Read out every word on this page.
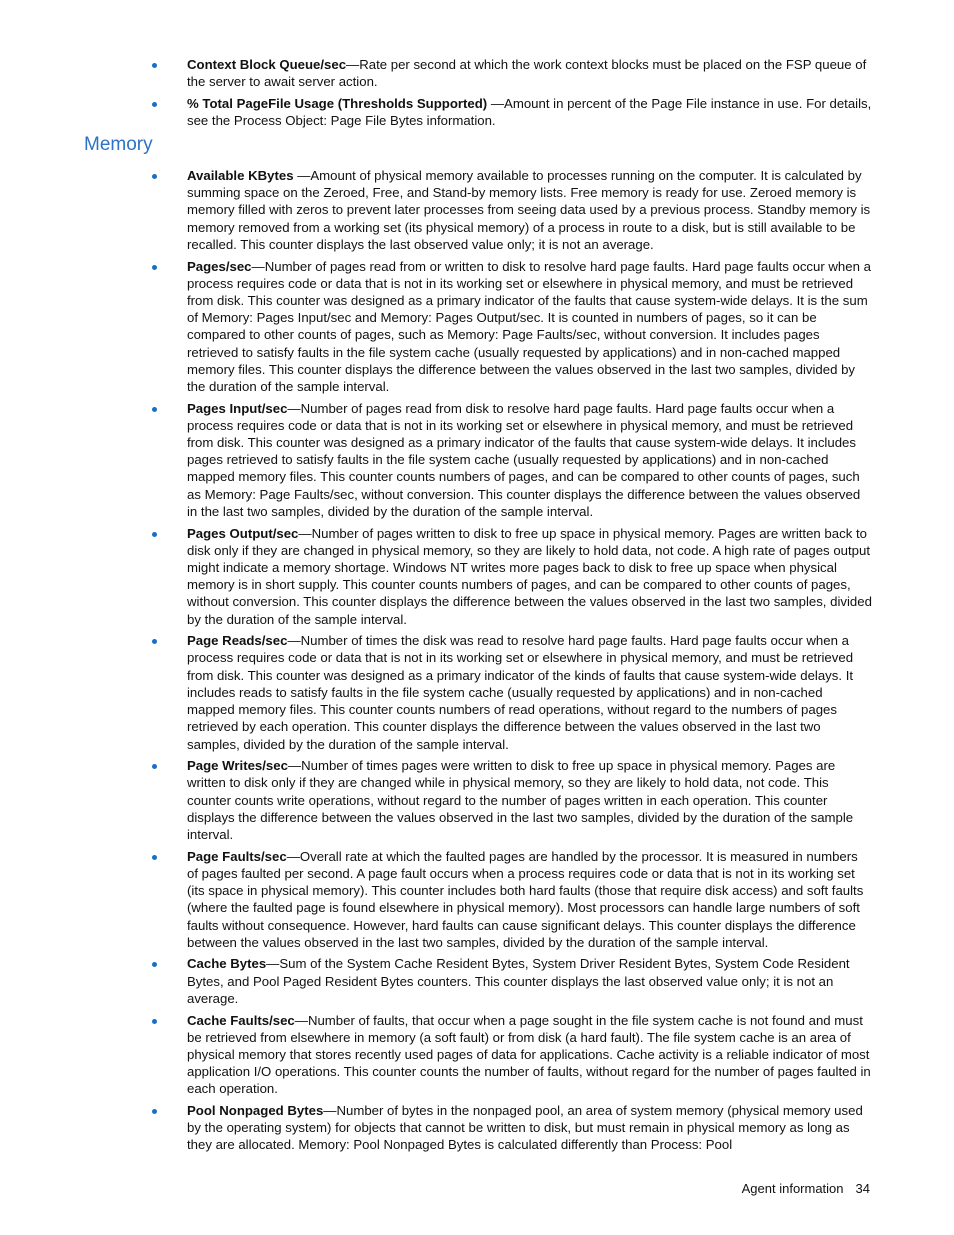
Context Block Queue/sec—Rate per second at which the work context blocks must be placed on the FSP queue of the server to await server action.
% Total PageFile Usage (Thresholds Supported) —Amount in percent of the Page File instance in use. For details, see the Process Object: Page File Bytes information.
Memory
Available KBytes —Amount of physical memory available to processes running on the computer. It is calculated by summing space on the Zeroed, Free, and Stand-by memory lists. Free memory is ready for use. Zeroed memory is memory filled with zeros to prevent later processes from seeing data used by a previous process. Standby memory is memory removed from a working set (its physical memory) of a process in route to a disk, but is still available to be recalled. This counter displays the last observed value only; it is not an average.
Pages/sec—Number of pages read from or written to disk to resolve hard page faults. Hard page faults occur when a process requires code or data that is not in its working set or elsewhere in physical memory, and must be retrieved from disk. This counter was designed as a primary indicator of the faults that cause system-wide delays. It is the sum of Memory: Pages Input/sec and Memory: Pages Output/sec. It is counted in numbers of pages, so it can be compared to other counts of pages, such as Memory: Page Faults/sec, without conversion. It includes pages retrieved to satisfy faults in the file system cache (usually requested by applications) and in non-cached mapped memory files. This counter displays the difference between the values observed in the last two samples, divided by the duration of the sample interval.
Pages Input/sec—Number of pages read from disk to resolve hard page faults. Hard page faults occur when a process requires code or data that is not in its working set or elsewhere in physical memory, and must be retrieved from disk. This counter was designed as a primary indicator of the faults that cause system-wide delays. It includes pages retrieved to satisfy faults in the file system cache (usually requested by applications) and in non-cached mapped memory files. This counter counts numbers of pages, and can be compared to other counts of pages, such as Memory: Page Faults/sec, without conversion. This counter displays the difference between the values observed in the last two samples, divided by the duration of the sample interval.
Pages Output/sec—Number of pages written to disk to free up space in physical memory. Pages are written back to disk only if they are changed in physical memory, so they are likely to hold data, not code. A high rate of pages output might indicate a memory shortage. Windows NT writes more pages back to disk to free up space when physical memory is in short supply. This counter counts numbers of pages, and can be compared to other counts of pages, without conversion. This counter displays the difference between the values observed in the last two samples, divided by the duration of the sample interval.
Page Reads/sec—Number of times the disk was read to resolve hard page faults. Hard page faults occur when a process requires code or data that is not in its working set or elsewhere in physical memory, and must be retrieved from disk. This counter was designed as a primary indicator of the kinds of faults that cause system-wide delays. It includes reads to satisfy faults in the file system cache (usually requested by applications) and in non-cached mapped memory files. This counter counts numbers of read operations, without regard to the numbers of pages retrieved by each operation. This counter displays the difference between the values observed in the last two samples, divided by the duration of the sample interval.
Page Writes/sec—Number of times pages were written to disk to free up space in physical memory. Pages are written to disk only if they are changed while in physical memory, so they are likely to hold data, not code. This counter counts write operations, without regard to the number of pages written in each operation. This counter displays the difference between the values observed in the last two samples, divided by the duration of the sample interval.
Page Faults/sec—Overall rate at which the faulted pages are handled by the processor. It is measured in numbers of pages faulted per second. A page fault occurs when a process requires code or data that is not in its working set (its space in physical memory). This counter includes both hard faults (those that require disk access) and soft faults (where the faulted page is found elsewhere in physical memory). Most processors can handle large numbers of soft faults without consequence. However, hard faults can cause significant delays. This counter displays the difference between the values observed in the last two samples, divided by the duration of the sample interval.
Cache Bytes—Sum of the System Cache Resident Bytes, System Driver Resident Bytes, System Code Resident Bytes, and Pool Paged Resident Bytes counters. This counter displays the last observed value only; it is not an average.
Cache Faults/sec—Number of faults, that occur when a page sought in the file system cache is not found and must be retrieved from elsewhere in memory (a soft fault) or from disk (a hard fault). The file system cache is an area of physical memory that stores recently used pages of data for applications. Cache activity is a reliable indicator of most application I/O operations. This counter counts the number of faults, without regard for the number of pages faulted in each operation.
Pool Nonpaged Bytes—Number of bytes in the nonpaged pool, an area of system memory (physical memory used by the operating system) for objects that cannot be written to disk, but must remain in physical memory as long as they are allocated. Memory: Pool Nonpaged Bytes is calculated differently than Process: Pool
Agent information 34
